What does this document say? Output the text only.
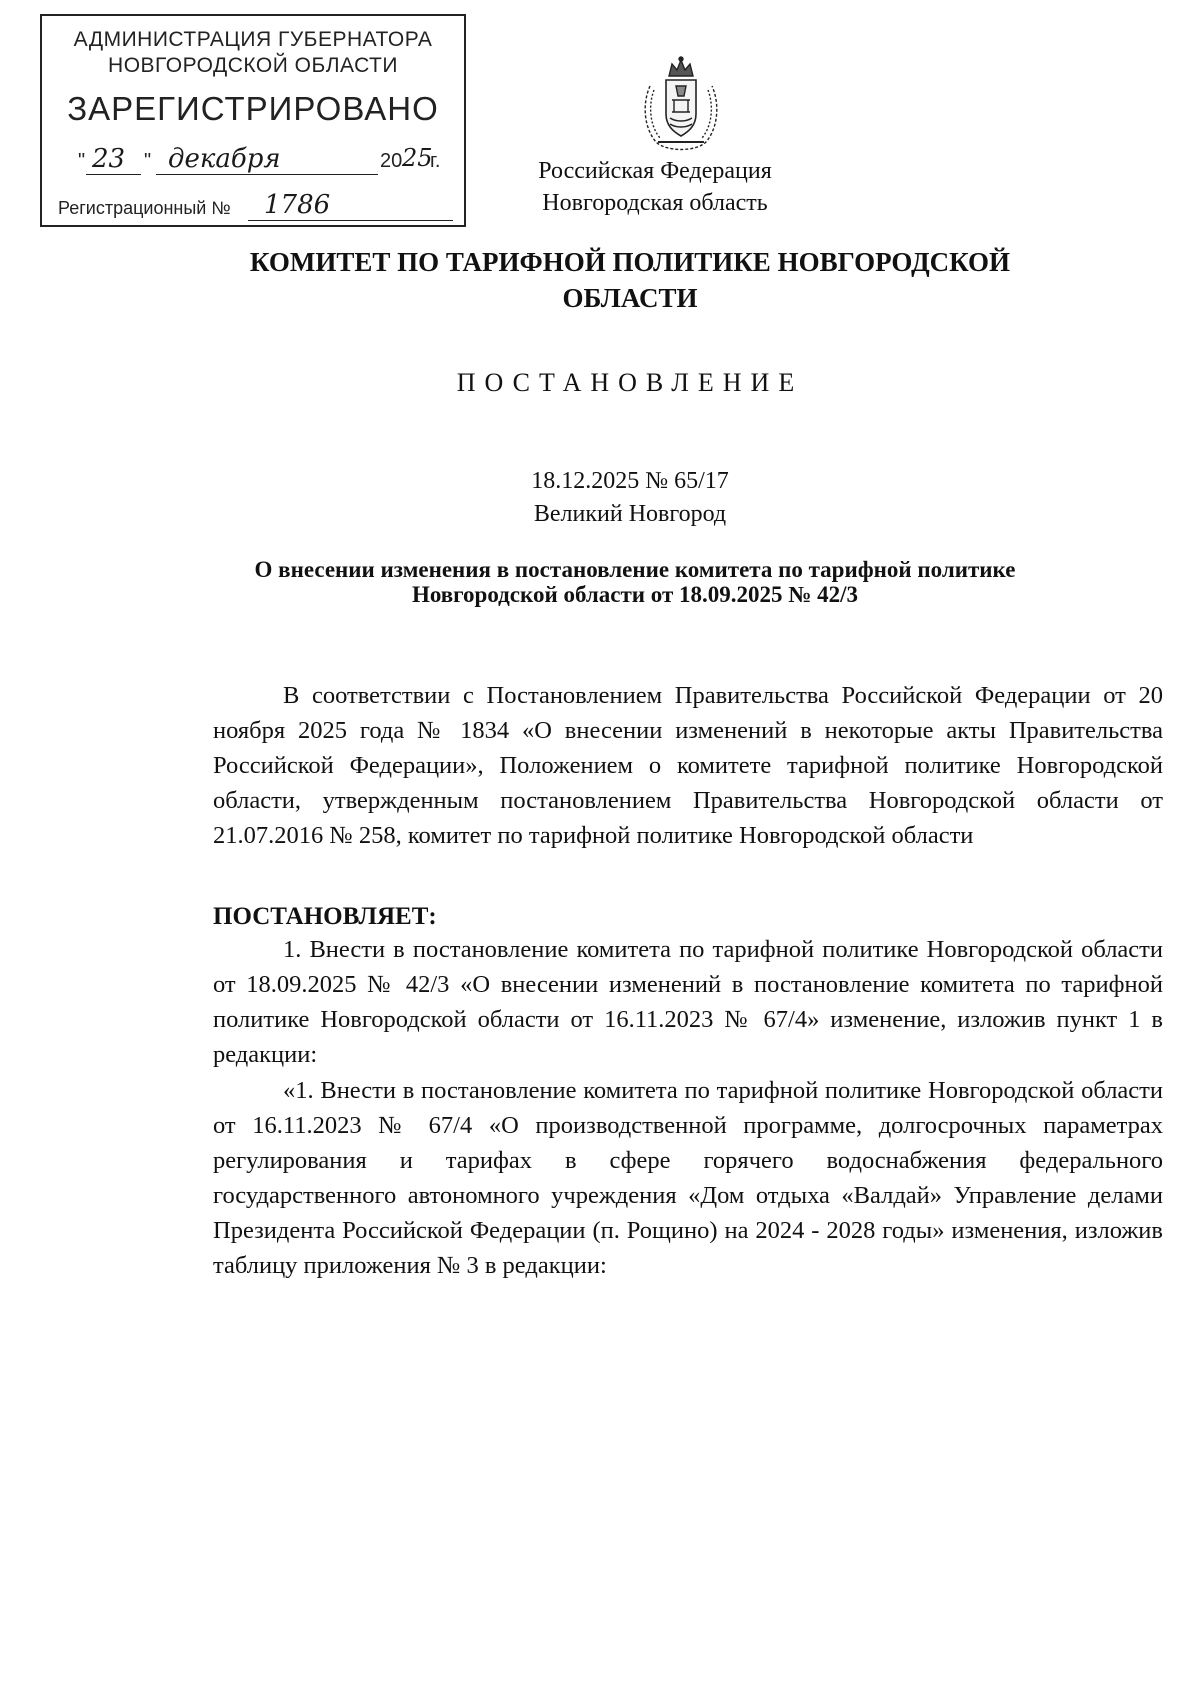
АДМИНИСТРАЦИЯ ГУБЕРНАТОРА
НОВГОРОДСКОЙ ОБЛАСТИ
ЗАРЕГИСТРИРОВАНО
" 23 " декабря	20 25
г.
Регистрационный № 1786
Российская Федерация
Новгородская область
КОМИТЕТ ПО ТАРИФНОЙ ПОЛИТИКЕ НОВГОРОДСКОЙ ОБЛАСТИ
ПОСТАНОВЛЕНИЕ
18.12.2025 № 65/17
Великий Новгород
О внесении изменения в постановление комитета по тарифной политике Новгородской области от 18.09.2025 № 42/3

В соответствии с Постановлением Правительства Российской Федерации от 20 ноября 2025 года № 1834 «О внесении изменений в некоторые акты Правительства Российской Федерации», Положением о комитете тарифной политике Новгородской области, утвержденным постановлением Правительства Новгородской области от 21.07.2016 № 258, комитет по тарифной политике Новгородской области

ПОСТАНОВЛЯЕТ:

1. Внести в постановление комитета по тарифной политике Новгородской области от 18.09.2025 № 42/3 «О внесении изменений в постановление комитета по тарифной политике Новгородской области от 16.11.2023 № 67/4» изменение, изложив пункт 1 в редакции:

«1. Внести в постановление комитета по тарифной политике Новгородской области от 16.11.2023 № 67/4 «О производственной программе, долгосрочных параметрах регулирования и тарифах в сфере горячего водоснабжения федерального государственного автономного учреждения «Дом отдыха «Валдай» Управление делами Президента Российской Федерации (п. Рощино) на 2024 - 2028 годы» изменения, изложив таблицу приложения № 3 в редакции:
